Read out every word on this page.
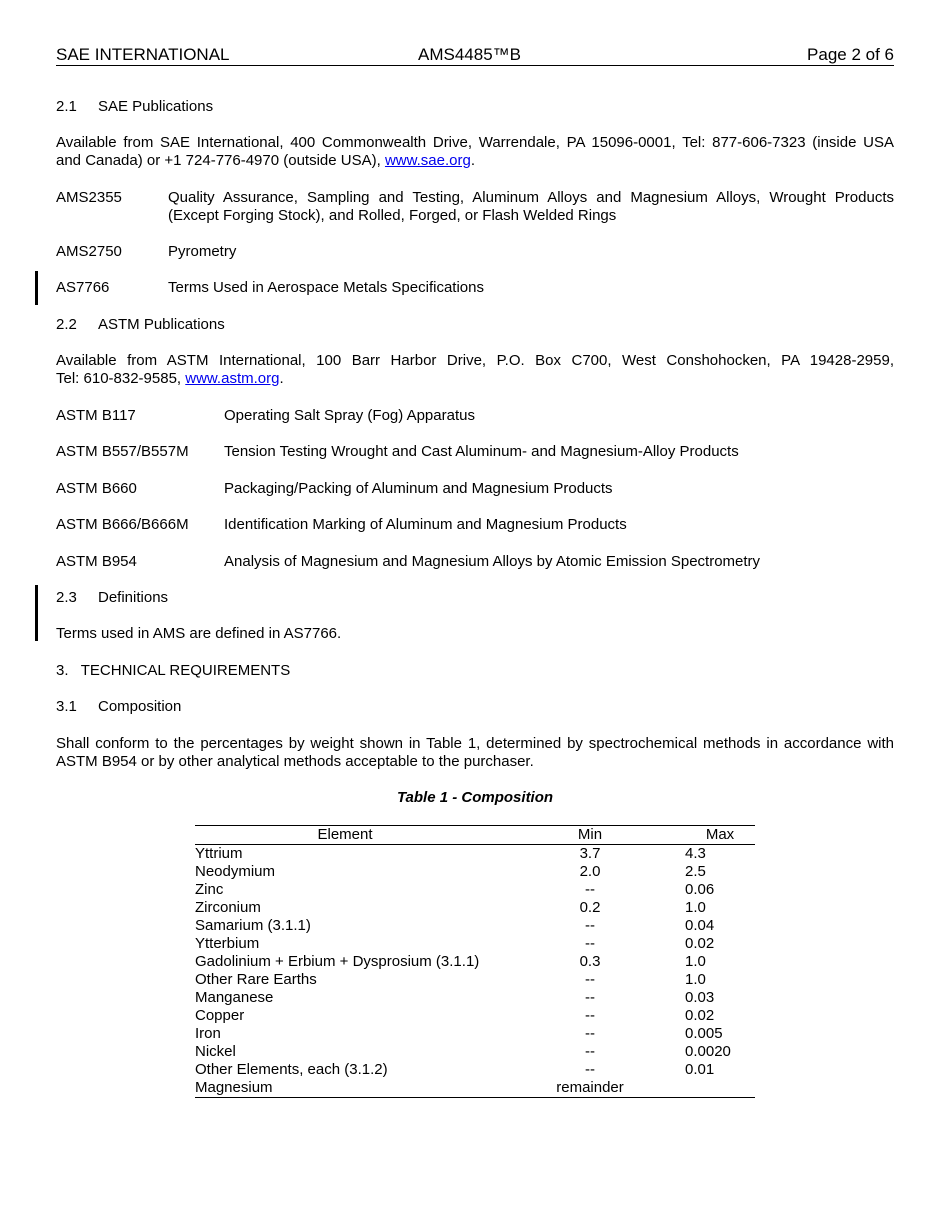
SAE INTERNATIONAL	AMS4485™B	Page 2 of 6
2.1 SAE Publications
Available from SAE International, 400 Commonwealth Drive, Warrendale, PA 15096-0001, Tel: 877-606-7323 (inside USA
and Canada) or +1 724-776-4970 (outside USA), www.sae.org.
AMS2355	Quality Assurance, Sampling and Testing, Aluminum Alloys and Magnesium Alloys, Wrought Products (Except Forging Stock), and Rolled, Forged, or Flash Welded Rings
AMS2750	Pyrometry
AS7766	Terms Used in Aerospace Metals Specifications
2.2 ASTM Publications
Available from ASTM International, 100 Barr Harbor Drive, P.O. Box C700, West Conshohocken, PA 19428-2959,
Tel: 610-832-9585, www.astm.org.
ASTM B117	Operating Salt Spray (Fog) Apparatus
ASTM B557/B557M Tension Testing Wrought and Cast Aluminum- and Magnesium-Alloy Products
ASTM B660	Packaging/Packing of Aluminum and Magnesium Products
ASTM B666/B666M Identification Marking of Aluminum and Magnesium Products
ASTM B954	Analysis of Magnesium and Magnesium Alloys by Atomic Emission Spectrometry
2.3 Definitions
Terms used in AMS are defined in AS7766.
3.   TECHNICAL REQUIREMENTS
3.1 Composition
Shall conform to the percentages by weight shown in Table 1, determined by spectrochemical methods in accordance with
ASTM B954 or by other analytical methods acceptable to the purchaser.
Table 1 - Composition
Element	Min	Max
Yttrium	3.7	4.3
Neodymium	2.0	2.5
Zinc	--	0.06
Zirconium	0.2	1.0
Samarium (3.1.1)	--	0.04
Ytterbium	--	0.02
Gadolinium + Erbium + Dysprosium (3.1.1)	0.3	1.0
Other Rare Earths	--	1.0
Manganese	--	0.03
Copper	--	0.02
Iron	--	0.005
Nickel	--	0.0020
Other Elements, each (3.1.2)	--	0.01
Magnesium	remainder	
